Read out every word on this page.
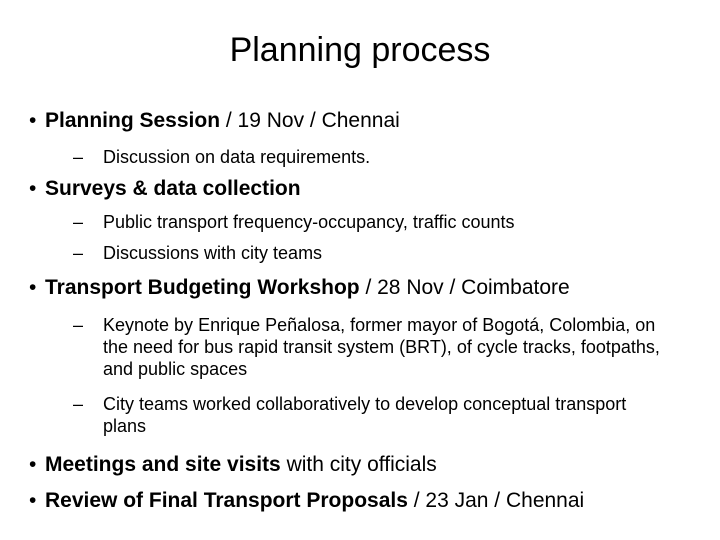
Planning process
• Planning Session / 19 Nov / Chennai
– Discussion on data requirements.
• Surveys & data collection
– Public transport frequency-occupancy, traffic counts
– Discussions with city teams
• Transport Budgeting Workshop / 28 Nov / Coimbatore
– Keynote by Enrique Peñalosa, former mayor of Bogotá, Colombia, on the need for bus rapid transit system (BRT), of cycle tracks, footpaths, and public spaces
– City teams worked collaboratively to develop conceptual transport plans
• Meetings and site visits with city officials
• Review of Final Transport Proposals / 23 Jan / Chennai
